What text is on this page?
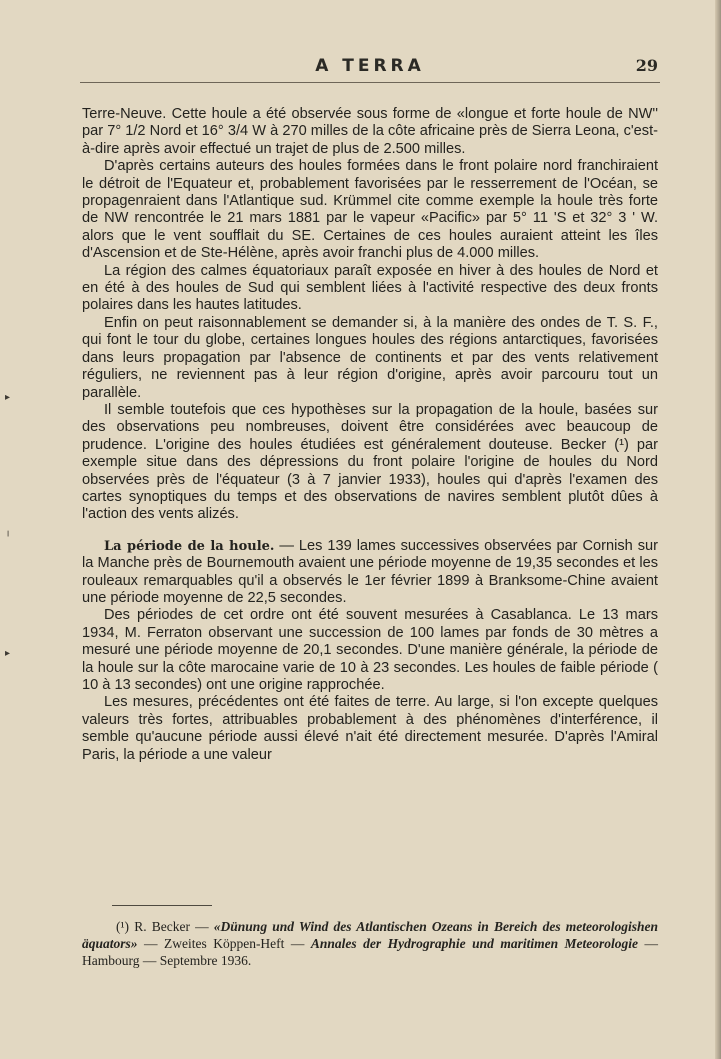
A TERRA	29

Terre-Neuve. Cette houle a été observée sous forme de «longue et forte houle de NW'' par 7° 1/2 Nord et 16° 3/4 W à 270 milles de la côte africaine près de Sierra Leona, c'est-à-dire après avoir effectué un trajet de plus de 2.500 milles.

D'après certains auteurs des houles formées dans le front polaire nord franchiraient le détroit de l'Equateur et, probablement favorisées par le resserrement de l'Océan, se propagenraient dans l'Atlantique sud. Krümmel cite comme exemple la houle très forte de NW rencontrée le 21 mars 1881 par le vapeur «Pacific» par 5° 11 'S et 32° 3 ' W. alors que le vent soufflait du SE. Certaines de ces houles auraient atteint les îles d'Ascension et de Ste-Hélène, après avoir franchi plus de 4.000 milles.

La région des calmes équatoriaux paraît exposée en hiver à des houles de Nord et en été à des houles de Sud qui semblent liées à l'activité respective des deux fronts polaires dans les hautes latitudes.

Enfin on peut raisonnablement se demander si, à la manière des ondes de T. S. F., qui font le tour du globe, certaines longues houles des régions antarctiques, favorisées dans leurs propagation par l'absence de continents et par des vents relativement réguliers, ne reviennent pas à leur région d'origine, après avoir parcouru tout un parallèle.

Il semble toutefois que ces hypothèses sur la propagation de la houle, basées sur des observations peu nombreuses, doivent être considérées avec beaucoup de prudence. L'origine des houles étudiées est généralement douteuse. Becker (¹) par exemple situe dans des dépressions du front polaire l'origine de houles du Nord observées près de l'équateur (3 à 7 janvier 1933), houles qui d'après l'examen des cartes synoptiques du temps et des observations de navires semblent plutôt dûes à l'action des vents alizés.

La période de la houle. — Les 139 lames successives observées par Cornish sur la Manche près de Bournemouth avaient une période moyenne de 19,35 secondes et les rouleaux remarquables qu'il a observés le 1er février 1899 à Branksome-Chine avaient une période moyenne de 22,5 secondes.

Des périodes de cet ordre ont été souvent mesurées à Casablanca. Le 13 mars 1934, M. Ferraton observant une succession de 100 lames par fonds de 30 mètres a mesuré une période moyenne de 20,1 secondes. D'une manière générale, la période de la houle sur la côte marocaine varie de 10 à 23 secondes. Les houles de faible période ( 10 à 13 secondes) ont une origine rapprochée.

Les mesures, précédentes ont été faites de terre. Au large, si l'on excepte quelques valeurs très fortes, attribuables probablement à des phénomènes d'interférence, il semble qu'aucune période aussi élevé n'ait été directement mesurée. D'après l'Amiral Paris, la période a une valeur

(¹) R. Becker — «Dünung und Wind des Atlantischen Ozeans in Bereich des meteorologishen äquators» — Zweites Köppen-Heft — Annales der Hydrographie und maritimen Meteorologie — Hambourg — Septembre 1936.
▸
╵
▸
